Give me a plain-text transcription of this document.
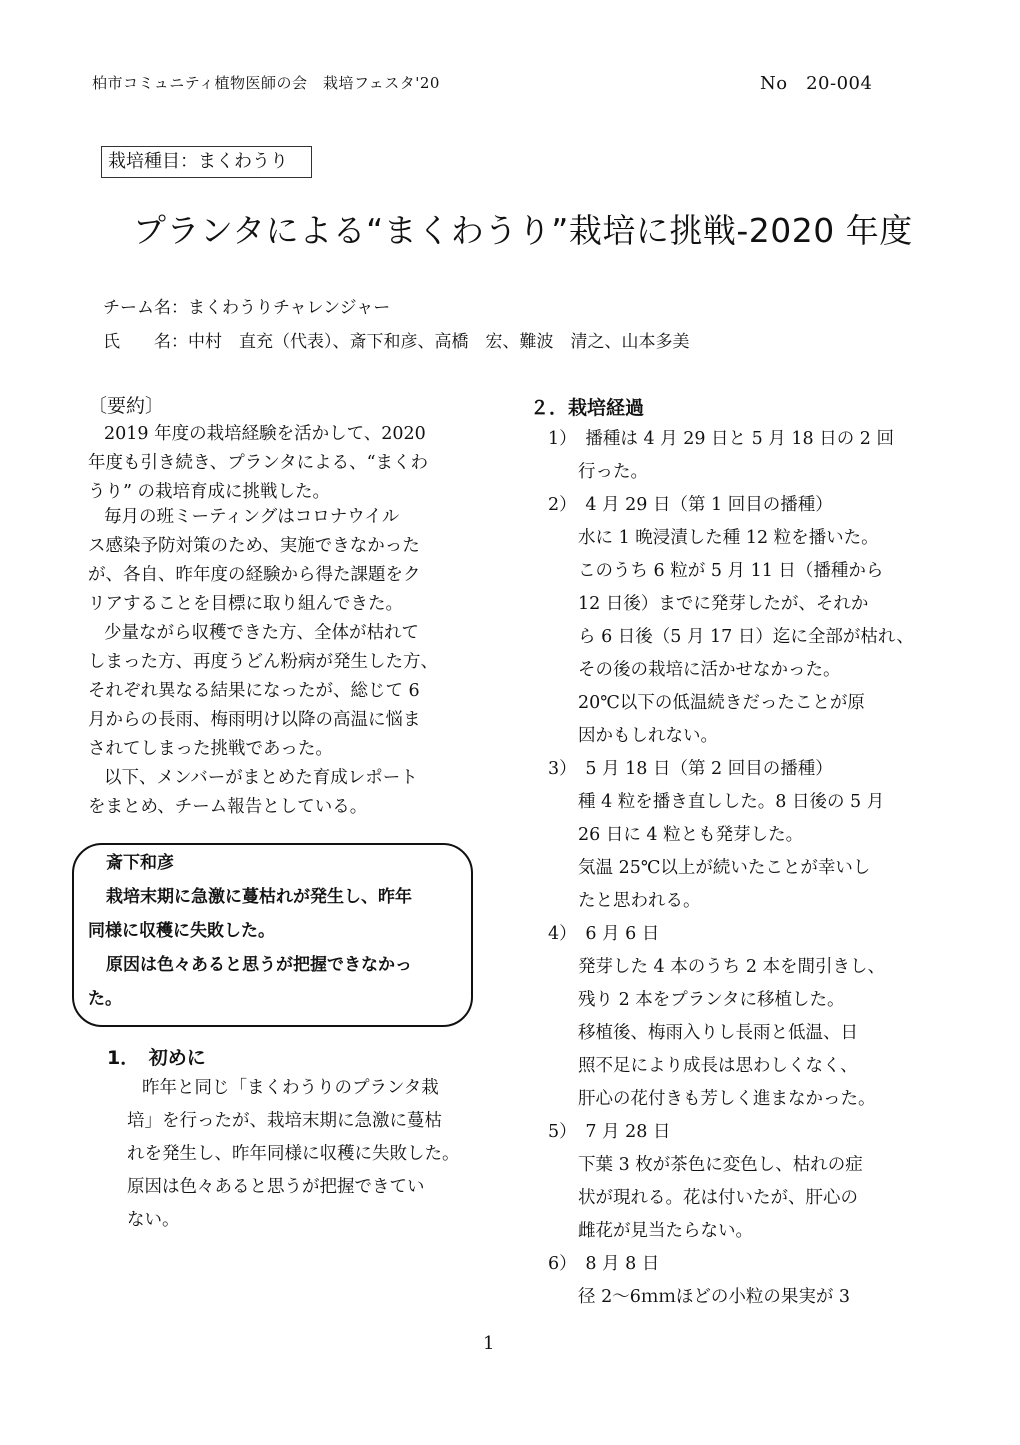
柏市コミュニティ植物医師の会　栽培フェスタ'20	No　20-004
栽培種目：まくわうり
プランタによる“まくわうり”栽培に挑戦-2020 年度
チーム名：まくわうりチャレンジャー
氏　　名：中村　直充（代表）、斎下和彦、高橋　宏、難波　清之、山本多美
〔要約〕
2019 年度の栽培経験を活かして、2020
年度も引き続き、プランタによる、“まくわ
うり” の栽培育成に挑戦した。
毎月の班ミーティングはコロナウイル
ス感染予防対策のため、実施できなかった
が、各自、昨年度の経験から得た課題をク
リアすることを目標に取り組んできた。
少量ながら収穫できた方、全体が枯れて
しまった方、再度うどん粉病が発生した方、
それぞれ異なる結果になったが、総じて 6
月からの長雨、梅雨明け以降の高温に悩ま
されてしまった挑戦であった。
以下、メンバーがまとめた育成レポート
をまとめ、チーム報告としている。
斎下和彦
栽培末期に急激に蔓枯れが発生し、昨年
同様に収穫に失敗した。
原因は色々あると思うが把握できなかっ
た。
1．　初めに
昨年と同じ「まくわうりのプランタ栽
培」を行ったが、栽培末期に急激に蔓枯
れを発生し、昨年同様に収穫に失敗した。
原因は色々あると思うが把握できてい
ない。
２．栽培経過
1）　播種は 4 月 29 日と 5 月 18 日の 2 回
行った。
2）　4 月 29 日（第 1 回目の播種）
水に 1 晩浸漬した種 12 粒を播いた。
このうち 6 粒が 5 月 11 日（播種から
12 日後）までに発芽したが、それか
ら 6 日後（5 月 17 日）迄に全部が枯れ、
その後の栽培に活かせなかった。
20℃以下の低温続きだったことが原
因かもしれない。
3）　5 月 18 日（第 2 回目の播種）
種 4 粒を播き直しした。8 日後の 5 月
26 日に 4 粒とも発芽した。
気温 25℃以上が続いたことが幸いし
たと思われる。
4）　6 月 6 日
発芽した 4 本のうち 2 本を間引きし、
残り 2 本をプランタに移植した。
移植後、梅雨入りし長雨と低温、日
照不足により成長は思わしくなく、
肝心の花付きも芳しく進まなかった。
5）　7 月 28 日
下葉 3 枚が茶色に変色し、枯れの症
状が現れる。花は付いたが、肝心の
雌花が見当たらない。
6）　8 月 8 日
径 2～6ｍｍほどの小粒の果実が 3
1
